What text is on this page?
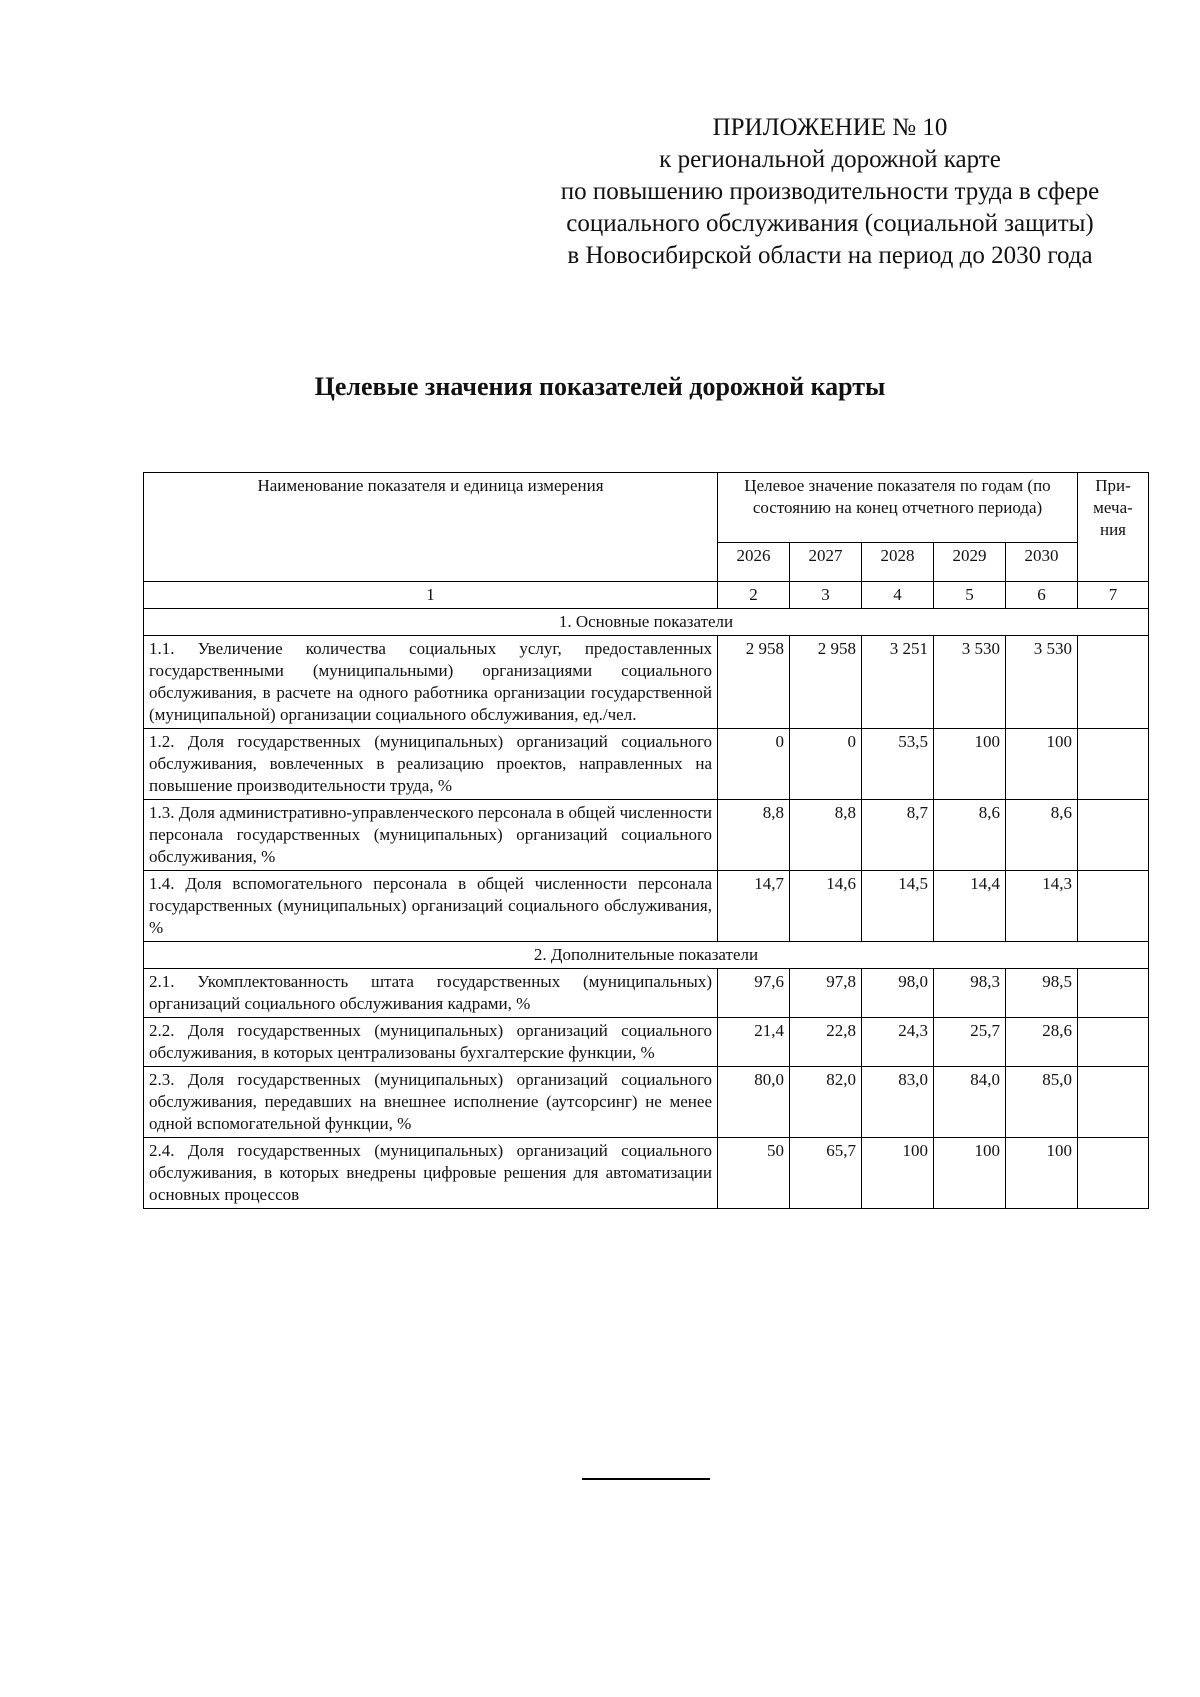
ПРИЛОЖЕНИЕ № 10
к региональной дорожной карте
по повышению производительности труда в сфере
социального обслуживания (социальной защиты)
в Новосибирской области на период до 2030 года
Целевые значения показателей дорожной карты
Наименование показателя и единица измерения	Целевое значение показателя по годам (по состоянию на конец отчетного периода)					При-меча-ния
	2026	2027	2028	2029	2030	
1	2	3	4	5	6	7
1. Основные показатели						
1.1. Увеличение количества социальных услуг, предоставленных государственными (муниципальными) организациями социального обслуживания, в расчете на одного работника организации государственной (муниципальной) организации социального обслуживания, ед./чел.	2 958	2 958	3 251	3 530	3 530	
1.2. Доля государственных (муниципальных) организаций социального обслуживания, вовлеченных в реализацию проектов, направленных на повышение производительности труда, %	0	0	53,5	100	100	
1.3. Доля административно-управленческого персонала в общей численности персонала государственных (муниципальных) организаций социального обслуживания, %	8,8	8,8	8,7	8,6	8,6	
1.4. Доля вспомогательного персонала в общей численности персонала государственных (муниципальных) организаций социального обслуживания, %	14,7	14,6	14,5	14,4	14,3	
2. Дополнительные показатели						
2.1. Укомплектованность штата государственных (муниципальных) организаций социального обслуживания кадрами, %	97,6	97,8	98,0	98,3	98,5	
2.2. Доля государственных (муниципальных) организаций социального обслуживания, в которых централизованы бухгалтерские функции, %	21,4	22,8	24,3	25,7	28,6	
2.3. Доля государственных (муниципальных) организаций социального обслуживания, передавших на внешнее исполнение (аутсорсинг) не менее одной вспомогательной функции, %	80,0	82,0	83,0	84,0	85,0	
2.4. Доля государственных (муниципальных) организаций социального обслуживания, в которых внедрены цифровые решения для автоматизации основных процессов	50	65,7	100	100	100	
